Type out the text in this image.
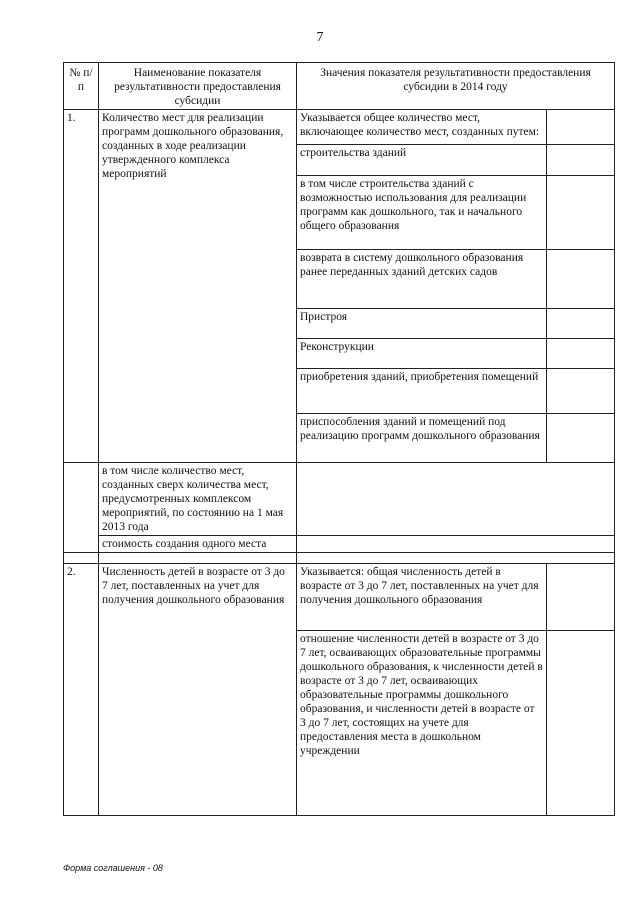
7
№ п/п	Наименование показателя результативности предоставления субсидии	Значения показателя результативности предоставления субсидии в 2014 году	
1.	Количество мест для реализации программ дошкольного образования, созданных в ходе реализации утвержденного комплекса мероприятий	Указывается общее количество мест, включающее количество мест, созданных путем:	
		строительства зданий	
		в том числе строительства зданий с возможностью использования для реализации программ как дошкольного, так и начального общего образования	
		возврата в систему дошкольного образования ранее переданных зданий детских садов	
		Пристроя	
		Реконструкции	
		приобретения зданий, приобретения помещений	
		приспособления зданий и помещений под реализацию программ дошкольного образования	
	в том числе количество мест, созданных сверх количества мест, предусмотренных комплексом мероприятий, по состоянию на 1 мая 2013 года		
	стоимость создания одного места		

2.	Численность детей в возрасте от 3 до 7 лет, поставленных на учет для получения дошкольного образования	Указывается: общая численность детей в возрасте от 3 до 7 лет, поставленных на учет для получения дошкольного образования	
		отношение численности детей в возрасте от 3 до 7 лет, осваивающих образовательные программы дошкольного образования, к численности детей в возрасте от 3 до 7 лет, осваивающих образовательные программы дошкольного образования, и численности детей в возрасте от 3 до 7 лет, состоящих на учете для предоставления места в дошкольном учреждении	
Форма соглашения - 08
